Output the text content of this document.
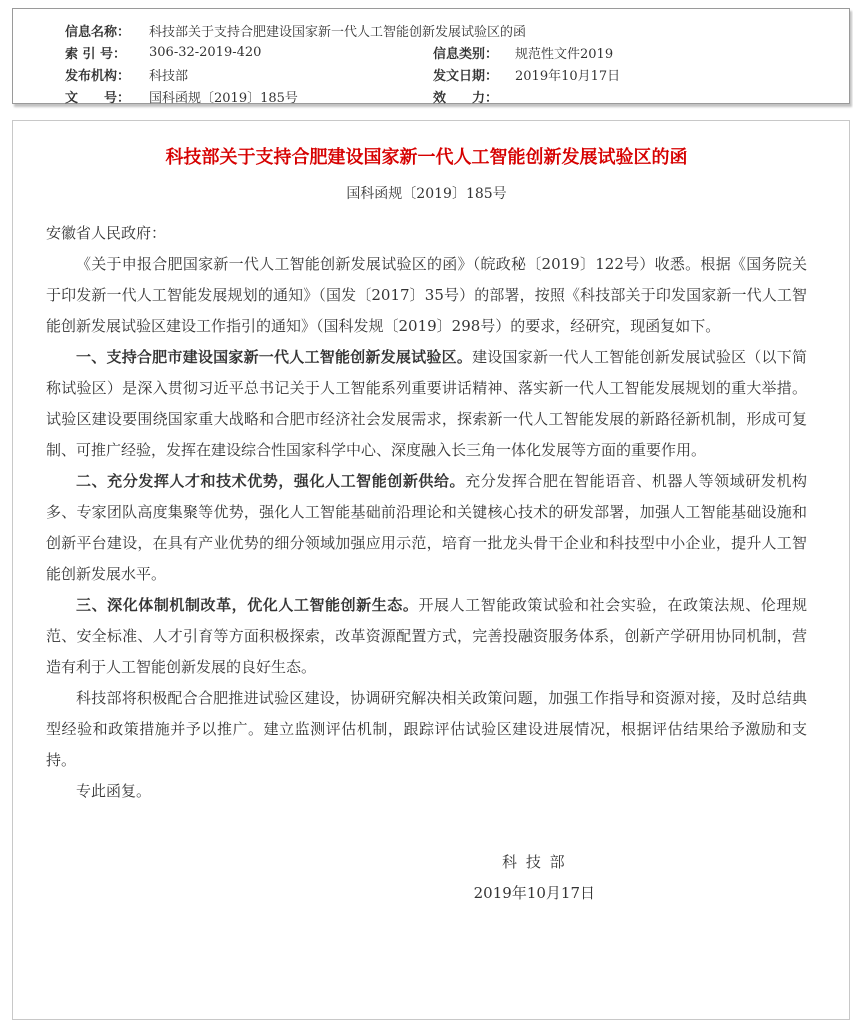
信息名称：	科技部关于支持合肥建设国家新一代人工智能创新发展试验区的函
索 引 号：	306-32-2019-420	信息类别：	规范性文件2019
发布机构：	科技部	发文日期：	2019年10月17日
文　　号：	国科函规〔2019〕185号	效　　力：
科技部关于支持合肥建设国家新一代人工智能创新发展试验区的函
国科函规〔2019〕185号

安徽省人民政府：

《关于申报合肥国家新一代人工智能创新发展试验区的函》（皖政秘〔2019〕122号）收悉。根据《国务院关于印发新一代人工智能发展规划的通知》（国发〔2017〕35号）的部署，按照《科技部关于印发国家新一代人工智能创新发展试验区建设工作指引的通知》（国科发规〔2019〕298号）的要求，经研究，现函复如下。

一、支持合肥市建设国家新一代人工智能创新发展试验区。建设国家新一代人工智能创新发展试验区（以下简称试验区）是深入贯彻习近平总书记关于人工智能系列重要讲话精神、落实新一代人工智能发展规划的重大举措。试验区建设要围绕国家重大战略和合肥市经济社会发展需求，探索新一代人工智能发展的新路径新机制，形成可复制、可推广经验，发挥在建设综合性国家科学中心、深度融入长三角一体化发展等方面的重要作用。

二、充分发挥人才和技术优势，强化人工智能创新供给。充分发挥合肥在智能语音、机器人等领域研发机构多、专家团队高度集聚等优势，强化人工智能基础前沿理论和关键核心技术的研发部署，加强人工智能基础设施和创新平台建设，在具有产业优势的细分领域加强应用示范，培育一批龙头骨干企业和科技型中小企业，提升人工智能创新发展水平。

三、深化体制机制改革，优化人工智能创新生态。开展人工智能政策试验和社会实验，在政策法规、伦理规范、安全标准、人才引育等方面积极探索，改革资源配置方式，完善投融资服务体系，创新产学研用协同机制，营造有利于人工智能创新发展的良好生态。

科技部将积极配合合肥推进试验区建设，协调研究解决相关政策问题，加强工作指导和资源对接，及时总结典型经验和政策措施并予以推广。建立监测评估机制，跟踪评估试验区建设进展情况，根据评估结果给予激励和支持。

专此函复。

科 技 部
2019年10月17日
